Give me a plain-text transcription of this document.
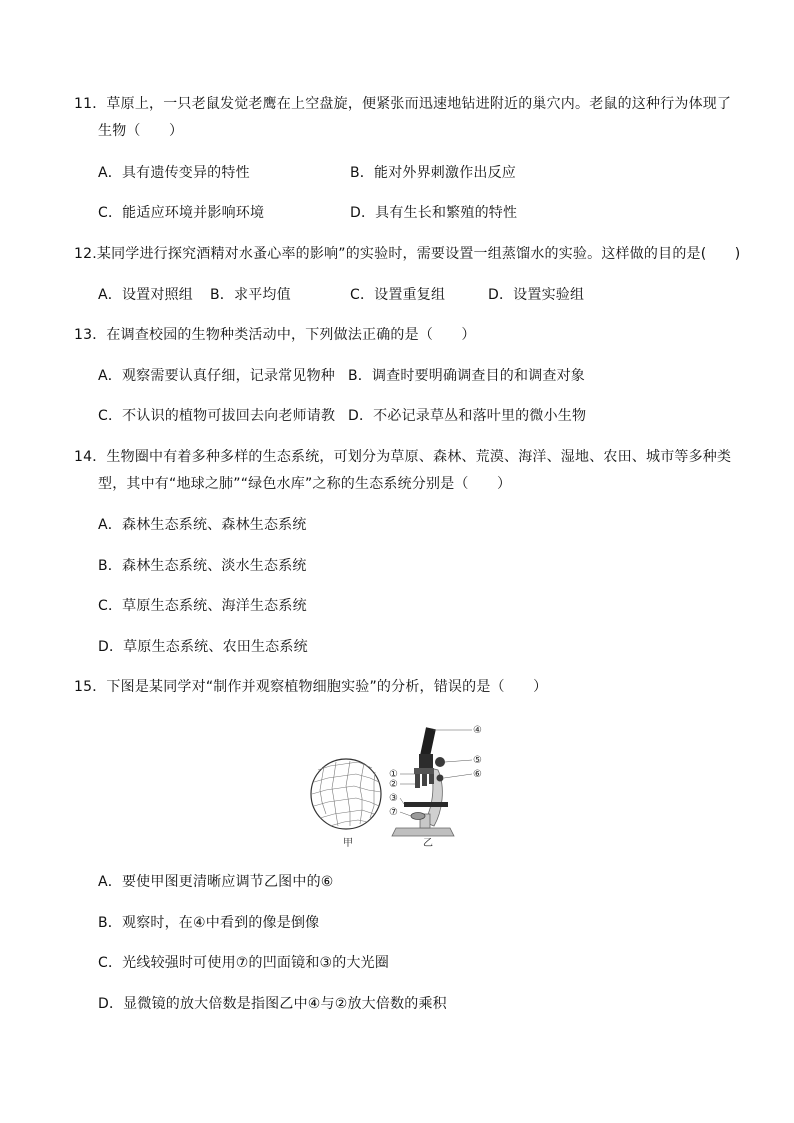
11．草原上，一只老鼠发觉老鹰在上空盘旋，便紧张而迅速地钻进附近的巢穴内。老鼠的这种行为体现了
生物（　　）
A．具有遗传变异的特性	B．能对外界刺激作出反应
C．能适应环境并影响环境	D．具有生长和繁殖的特性
12.某同学进行探究酒精对水蚤心率的影响”的实验时，需要设置一组蒸馏水的实验。这样做的目的是(　　)
A．设置对照组 B．求平均值	C．设置重复组	D．设置实验组
13．在调查校园的生物种类活动中，下列做法正确的是（　　）
A．观察需要认真仔细，记录常见物种 B．调查时要明确调查目的和调查对象
C．不认识的植物可拔回去向老师请教 D．不必记录草丛和落叶里的微小生物
14．生物圈中有着多种多样的生态系统，可划分为草原、森林、荒漠、海洋、湿地、农田、城市等多种类
型，其中有“地球之肺”“绿色水库”之称的生态系统分别是（　　）
A．森林生态系统、森林生态系统
B．森林生态系统、淡水生态系统
C．草原生态系统、海洋生态系统
D．草原生态系统、农田生态系统
15．下图是某同学对“制作并观察植物细胞实验”的分析，错误的是（　　）
甲
④
⑤
⑥
①
②
③
⑦
乙
A．要使甲图更清晰应调节乙图中的⑥
B．观察时，在④中看到的像是倒像
C．光线较强时可使用⑦的凹面镜和③的大光圈
D．显微镜的放大倍数是指图乙中④与②放大倍数的乘积
